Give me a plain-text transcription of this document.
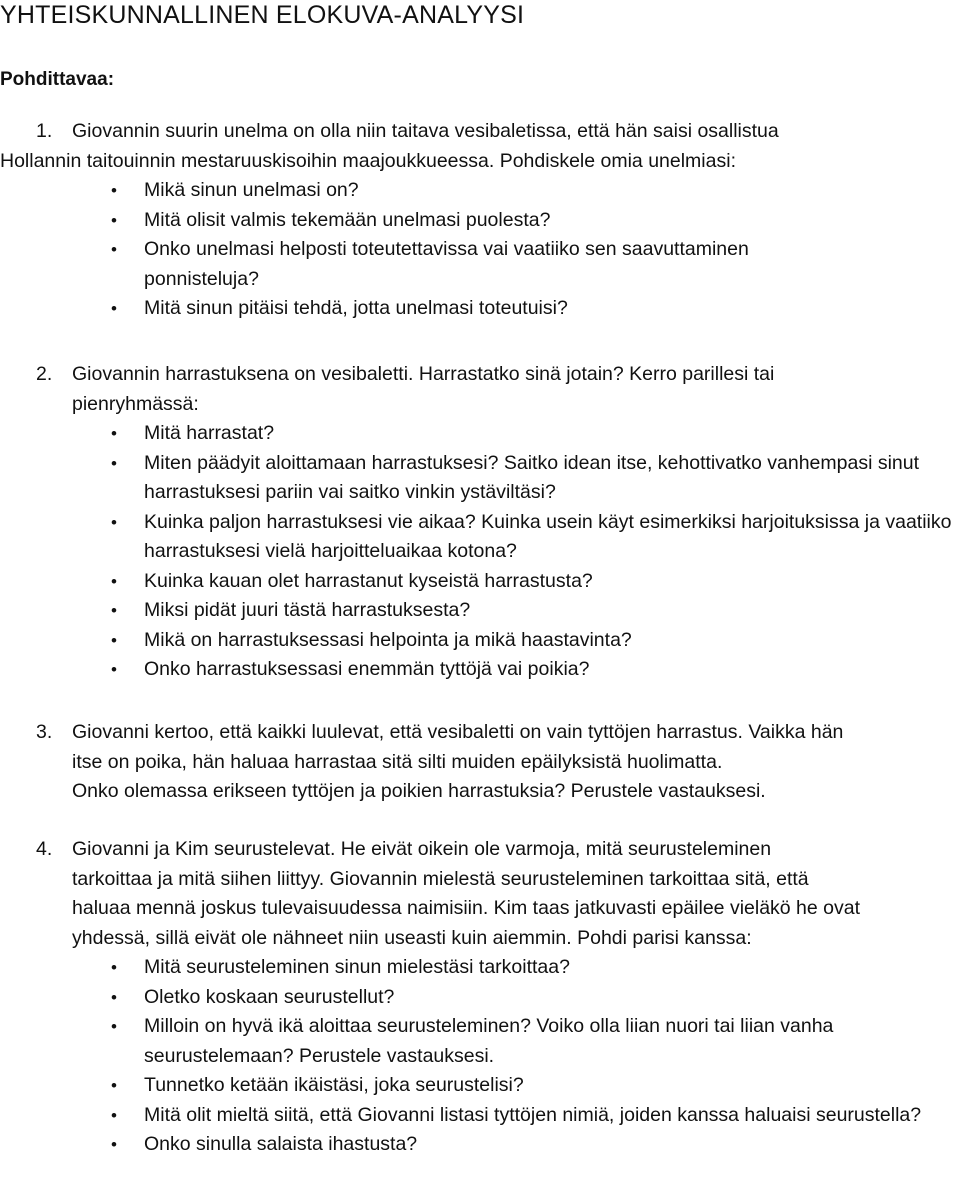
YHTEISKUNNALLINEN ELOKUVA-ANALYYSI
Pohdittavaa:

1. Giovannin suurin unelma on olla niin taitava vesibaletissa, että hän saisi osallistua

Hollannin taitouinnin mestaruuskisoihin maajoukkueessa. Pohdiskele omia unelmiasi:

• Mikä sinun unelmasi on?
• Mitä olisit valmis tekemään unelmasi puolesta?
• Onko unelmasi helposti toteutettavissa vai vaatiiko sen saavuttaminen ponnisteluja?
• Mitä sinun pitäisi tehdä, jotta unelmasi toteutuisi?

2. Giovannin harrastuksena on vesibaletti. Harrastatko sinä jotain? Kerro parillesi tai

pienryhmässä:

• Mitä harrastat?
• Miten päädyit aloittamaan harrastuksesi? Saitko idean itse, kehottivatko vanhempasi sinut harrastuksesi pariin vai saitko vinkin ystäviltäsi?
• Kuinka paljon harrastuksesi vie aikaa? Kuinka usein käyt esimerkiksi harjoituksissa ja vaatiiko harrastuksesi vielä harjoitteluaikaa kotona?
• Kuinka kauan olet harrastanut kyseistä harrastusta?
• Miksi pidät juuri tästä harrastuksesta?
• Mikä on harrastuksessasi helpointa ja mikä haastavinta?
• Onko harrastuksessasi enemmän tyttöjä vai poikia?

3. Giovanni kertoo, että kaikki luulevat, että vesibaletti on vain tyttöjen harrastus. Vaikka hän

itse on poika, hän haluaa harrastaa sitä silti muiden epäilyksistä huolimatta.

Onko olemassa erikseen tyttöjen ja poikien harrastuksia? Perustele vastauksesi.

4. Giovanni ja Kim seurustelevat. He eivät oikein ole varmoja, mitä seurusteleminen

tarkoittaa ja mitä siihen liittyy. Giovannin mielestä seurusteleminen tarkoittaa sitä, että

haluaa mennä joskus tulevaisuudessa naimisiin. Kim taas jatkuvasti epäilee vieläkö he ovat

yhdessä, sillä eivät ole nähneet niin useasti kuin aiemmin. Pohdi parisi kanssa:

• Mitä seurusteleminen sinun mielestäsi tarkoittaa?
• Oletko koskaan seurustellut?
• Milloin on hyvä ikä aloittaa seurusteleminen? Voiko olla liian nuori tai liian vanha seurustelemaan? Perustele vastauksesi.
• Tunnetko ketään ikäistäsi, joka seurustelisi?
• Mitä olit mieltä siitä, että Giovanni listasi tyttöjen nimiä, joiden kanssa haluaisi seurustella?
• Onko sinulla salaista ihastusta?
